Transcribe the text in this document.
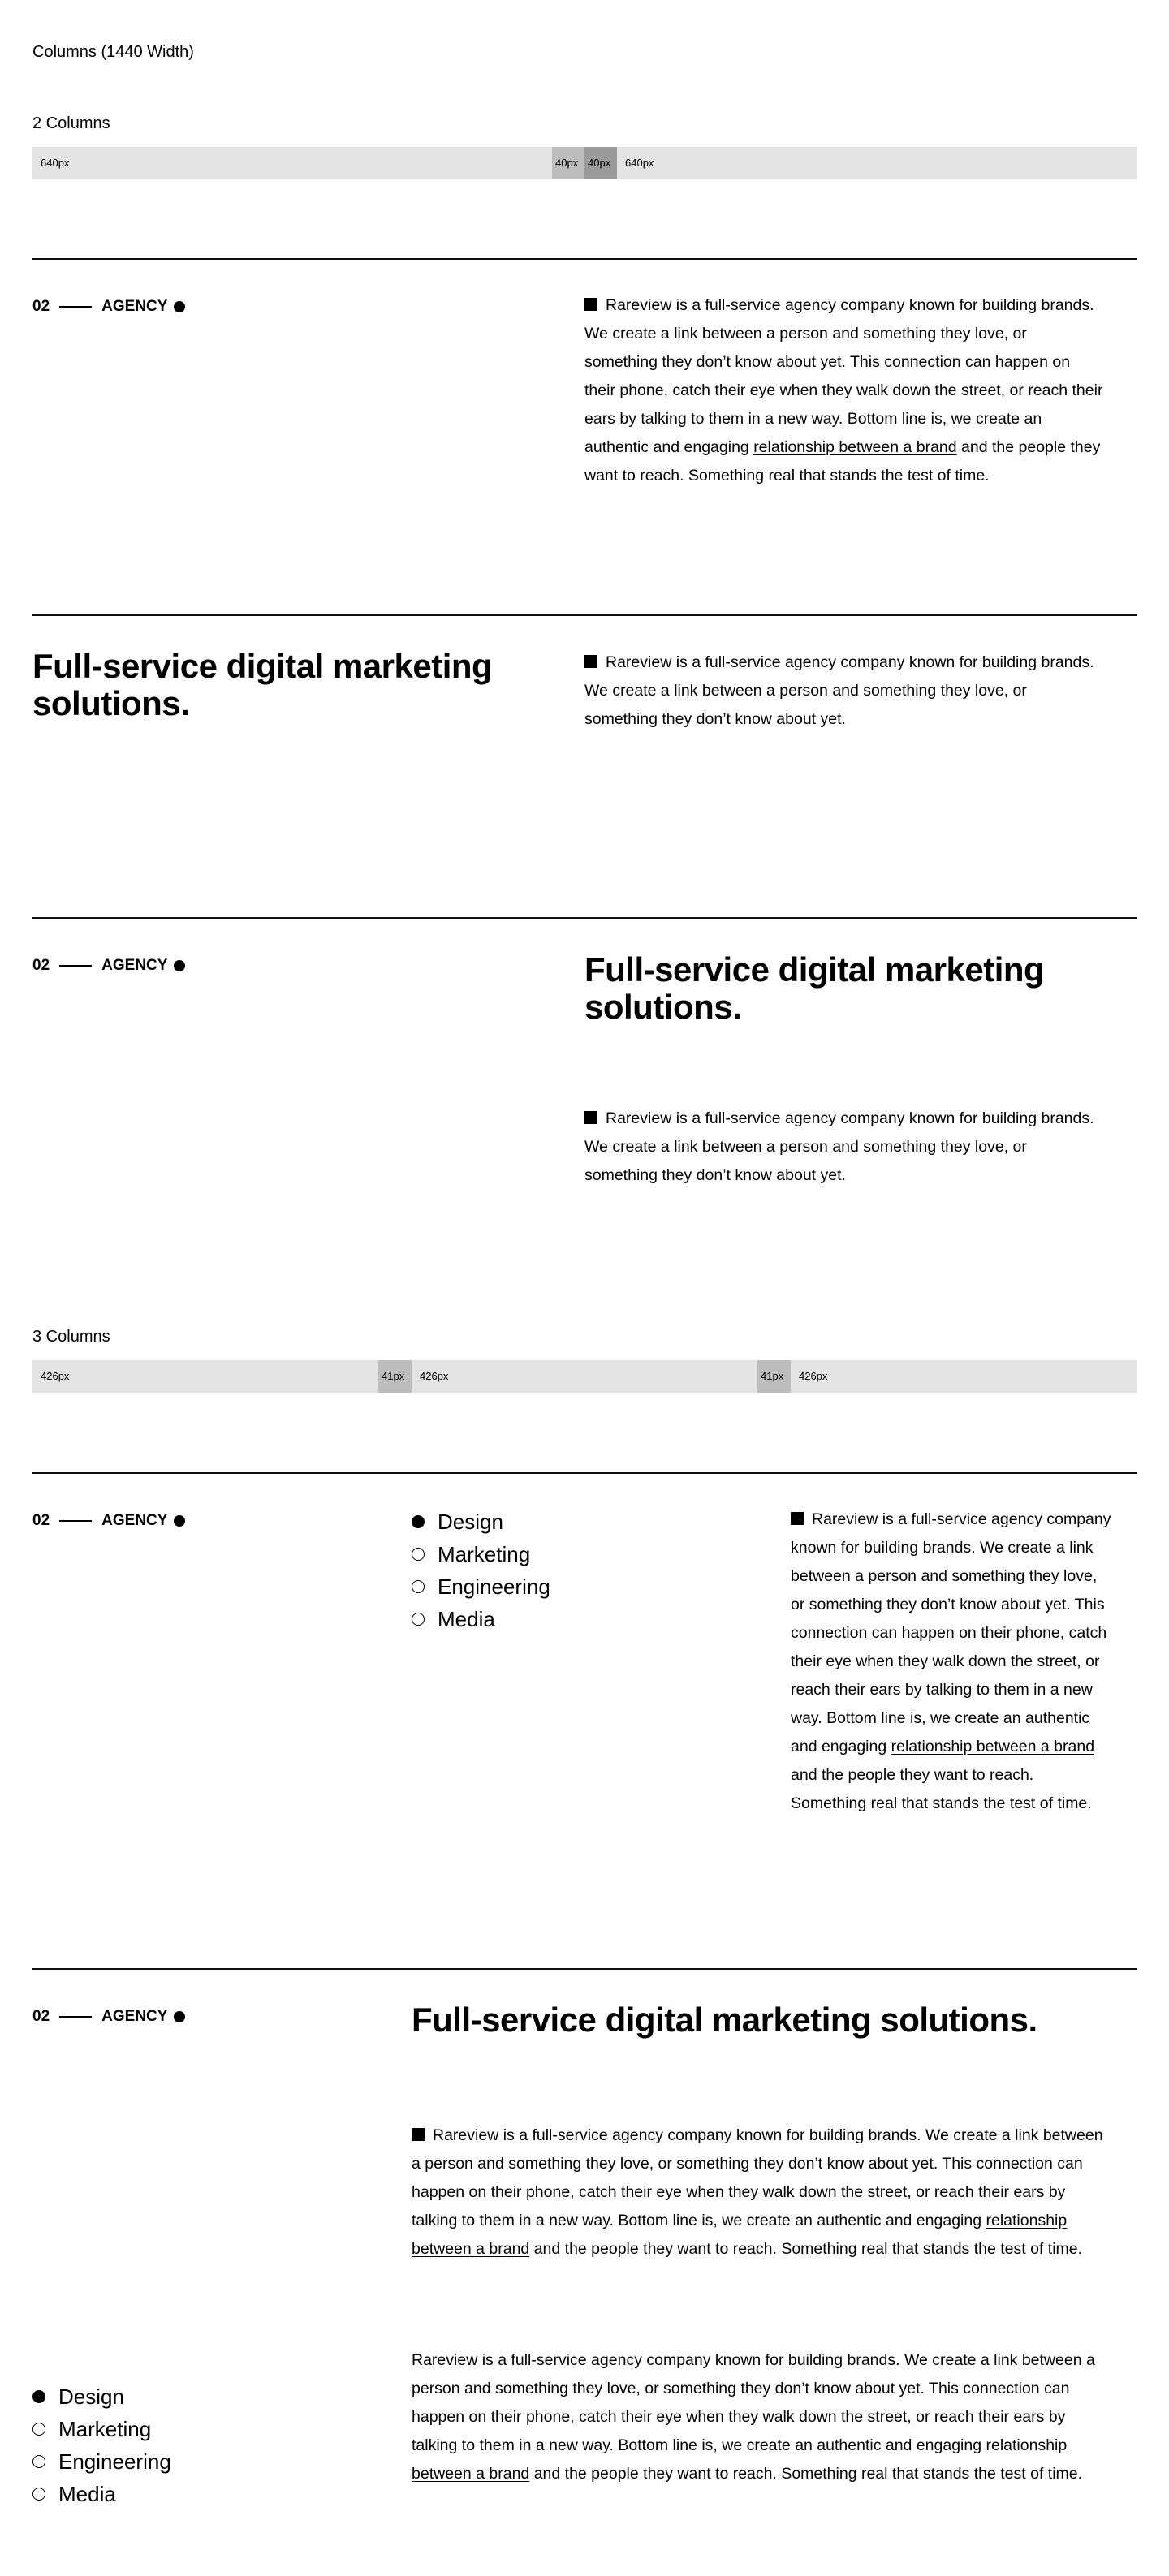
Columns (1440 Width)
2 Columns
640px	40px 40px	640px
02	AGENCY	Rareview is a full-service agency company known for building brands. We create a link between a person and something they love, or something they don’t know about yet. This connection can happen on their phone, catch their eye when they walk down the street, or reach their ears by talking to them in a new way. Bottom line is, we create an authentic and engaging relationship between a brand and the people they want to reach. Something real that stands the test of time.
Full-service digital marketing solutions.
Rareview is a full-service agency company known for building brands. We create a link between a person and something they love, or something they don’t know about yet.
02	AGENCY	Full-service digital marketing solutions.
Rareview is a full-service agency company known for building brands. We create a link between a person and something they love, or something they don’t know about yet.
3 Columns
426px	41px	426px	41px	426px
02	AGENCY	Design
Marketing
Engineering
Media
Rareview is a full-service agency company known for building brands. We create a link between a person and something they love, or something they don’t know about yet. This connection can happen on their phone, catch their eye when they walk down the street, or reach their ears by talking to them in a new way. Bottom line is, we create an authentic and engaging relationship between a brand and the people they want to reach. Something real that stands the test of time.
02	AGENCY	Full-service digital marketing solutions.
Rareview is a full-service agency company known for building brands. We create a link between a person and something they love, or something they don’t know about yet. This connection can happen on their phone, catch their eye when they walk down the street, or reach their ears by talking to them in a new way. Bottom line is, we create an authentic and engaging relationship between a brand and the people they want to reach. Something real that stands the test of time.
Rareview is a full-service agency company known for building brands. We create a link between a person and something they love, or something they don’t know about yet. This connection can happen on their phone, catch their eye when they walk down the street, or reach their ears by talking to them in a new way. Bottom line is, we create an authentic and engaging relationship between a brand and the people they want to reach. Something real that stands the test of time.
Design
Marketing
Engineering
Media
